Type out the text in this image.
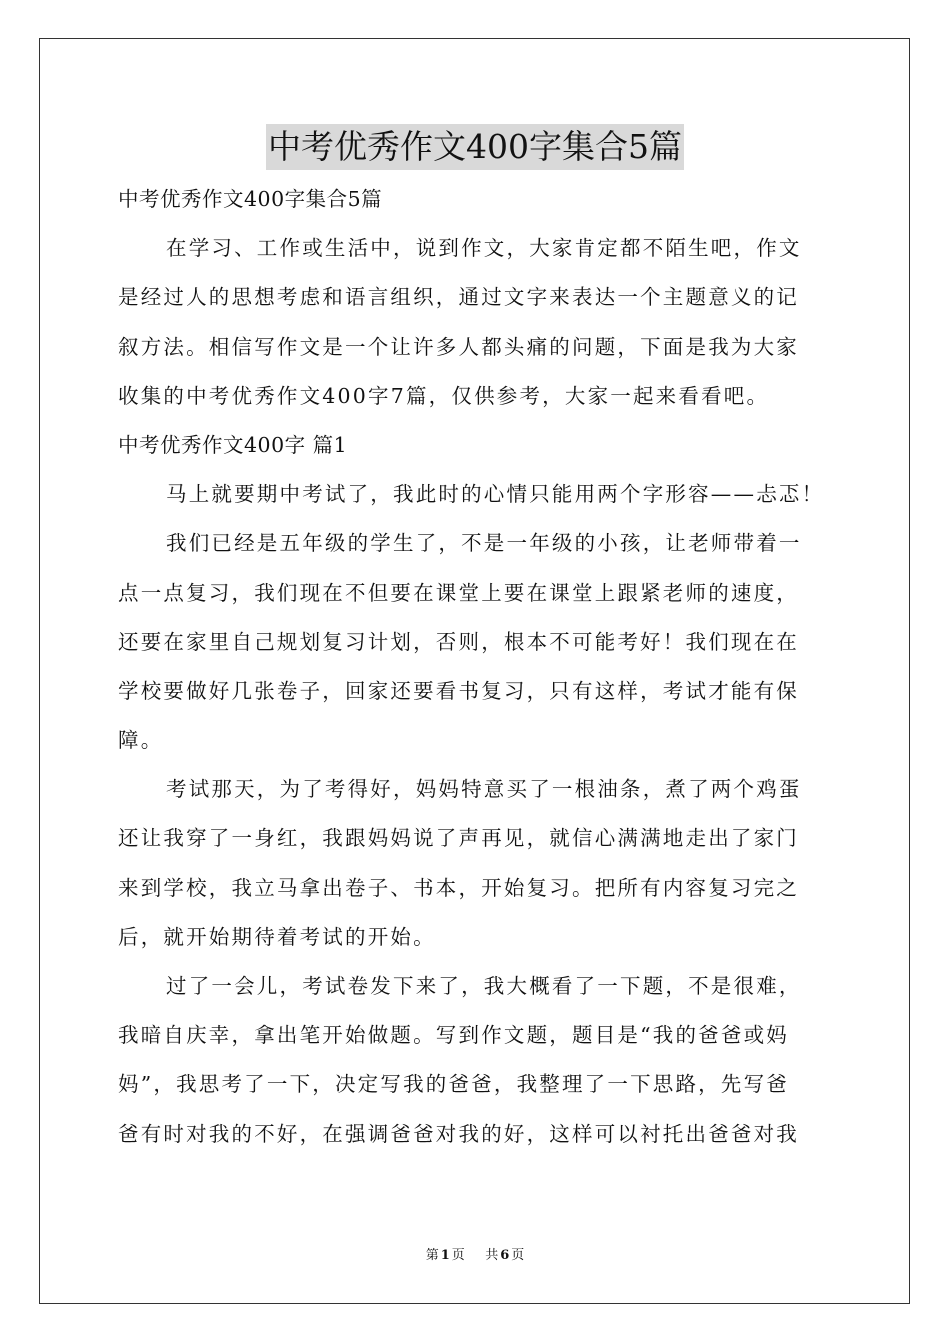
中考优秀作文400字集合5篇
中考优秀作文400字集合5篇
在学习、工作或生活中，说到作文，大家肯定都不陌生吧，作文
是经过人的思想考虑和语言组织，通过文字来表达一个主题意义的记
叙方法。相信写作文是一个让许多人都头痛的问题，下面是我为大家
收集的中考优秀作文400字7篇，仅供参考，大家一起来看看吧。
中考优秀作文400字 篇1
马上就要期中考试了，我此时的心情只能用两个字形容——忐忑！
我们已经是五年级的学生了，不是一年级的小孩，让老师带着一
点一点复习，我们现在不但要在课堂上要在课堂上跟紧老师的速度，
还要在家里自己规划复习计划，否则，根本不可能考好！我们现在在
学校要做好几张卷子，回家还要看书复习，只有这样，考试才能有保
障。
考试那天，为了考得好，妈妈特意买了一根油条，煮了两个鸡蛋
还让我穿了一身红，我跟妈妈说了声再见，就信心满满地走出了家门
来到学校，我立马拿出卷子、书本，开始复习。把所有内容复习完之
后，就开始期待着考试的开始。
过了一会儿，考试卷发下来了，我大概看了一下题，不是很难，
我暗自庆幸，拿出笔开始做题。写到作文题，题目是“我的爸爸或妈
妈”，我思考了一下，决定写我的爸爸，我整理了一下思路，先写爸
爸有时对我的不好，在强调爸爸对我的好，这样可以衬托出爸爸对我
第 1 页 共 6 页
